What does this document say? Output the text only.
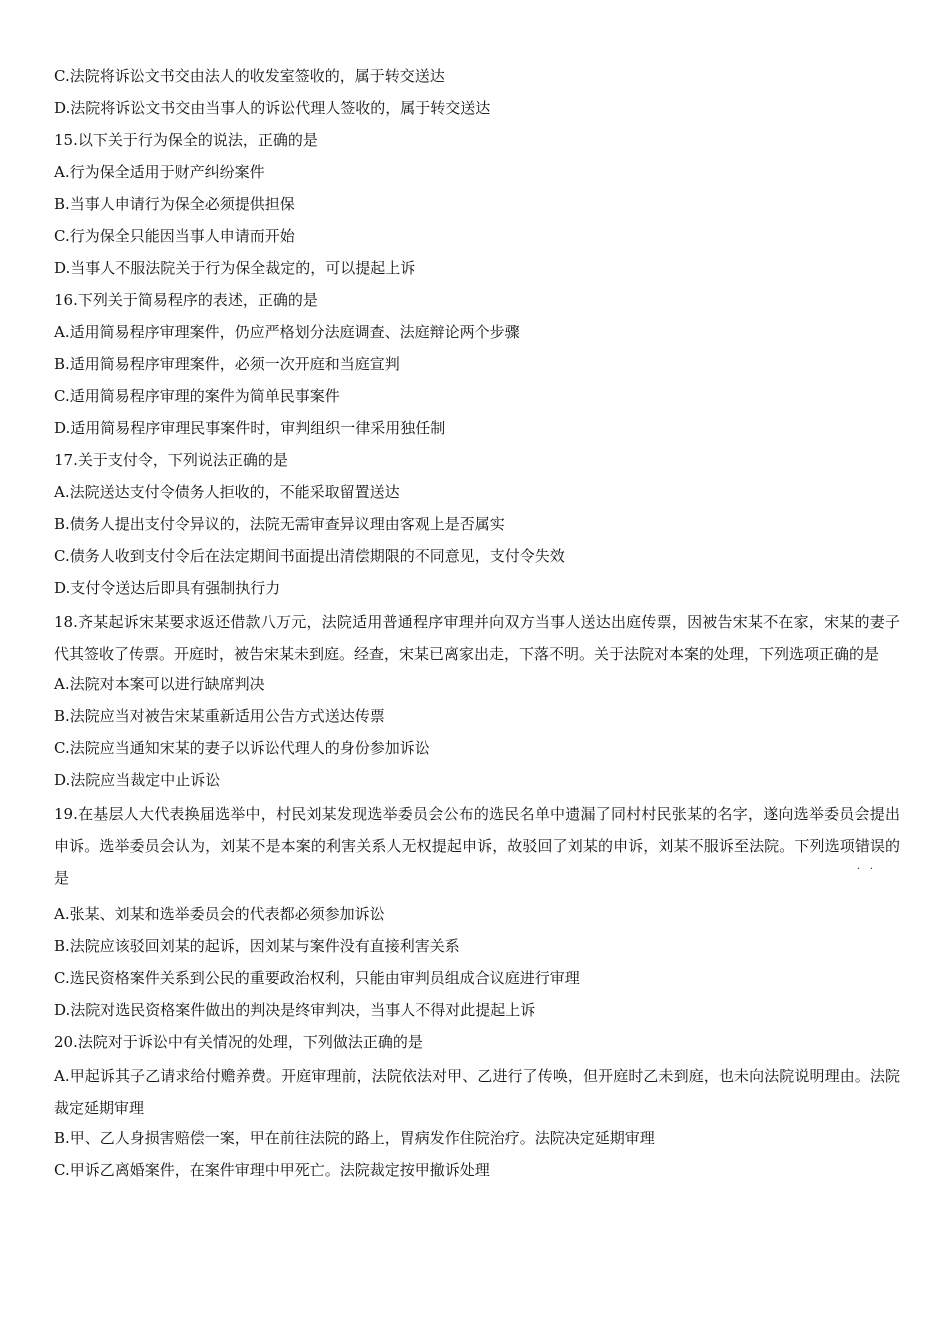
C.法院将诉讼文书交由法人的收发室签收的，属于转交送达
D.法院将诉讼文书交由当事人的诉讼代理人签收的，属于转交送达
15.以下关于行为保全的说法，正确的是
A.行为保全适用于财产纠纷案件
B.当事人申请行为保全必须提供担保
C.行为保全只能因当事人申请而开始
D.当事人不服法院关于行为保全裁定的，可以提起上诉
16.下列关于简易程序的表述，正确的是
A.适用简易程序审理案件，仍应严格划分法庭调查、法庭辩论两个步骤
B.适用简易程序审理案件，必须一次开庭和当庭宣判
C.适用简易程序审理的案件为简单民事案件
D.适用简易程序审理民事案件时，审判组织一律采用独任制
17.关于支付令，下列说法正确的是
A.法院送达支付令债务人拒收的，不能采取留置送达
B.债务人提出支付令异议的，法院无需审查异议理由客观上是否属实
C.债务人收到支付令后在法定期间书面提出清偿期限的不同意见，支付令失效
D.支付令送达后即具有强制执行力

18.齐某起诉宋某要求返还借款八万元，法院适用普通程序审理并向双方当事人送达出庭传票，因被告宋某不在家，宋某的妻子代其签收了传票。开庭时，被告宋某未到庭。经查，宋某已离家出走，下落不明。关于法院对本案的处理，下列选项正确的是

A.法院对本案可以进行缺席判决
B.法院应当对被告宋某重新适用公告方式送达传票
C.法院应当通知宋某的妻子以诉讼代理人的身份参加诉讼
D.法院应当裁定中止诉讼

19.在基层人大代表换届选举中，村民刘某发现选举委员会公布的选民名单中遗漏了同村村民张某的名字，遂向选举委员会提出申诉。选举委员会认为，刘某不是本案的利害关系人无权提起申诉，故驳回了刘某的申诉，刘某不服诉至法院。下列选项错误
..
的是

A.张某、刘某和选举委员会的代表都必须参加诉讼
B.法院应该驳回刘某的起诉，因刘某与案件没有直接利害关系
C.选民资格案件关系到公民的重要政治权利，只能由审判员组成合议庭进行审理
D.法院对选民资格案件做出的判决是终审判决，当事人不得对此提起上诉
20.法院对于诉讼中有关情况的处理，下列做法正确的是

A.甲起诉其子乙请求给付赡养费。开庭审理前，法院依法对甲、乙进行了传唤，但开庭时乙未到庭，也未向法院说明理由。法院裁定延期审理

B.甲、乙人身损害赔偿一案，甲在前往法院的路上，胃病发作住院治疗。法院决定延期审理
C.甲诉乙离婚案件，在案件审理中甲死亡。法院裁定按甲撤诉处理
